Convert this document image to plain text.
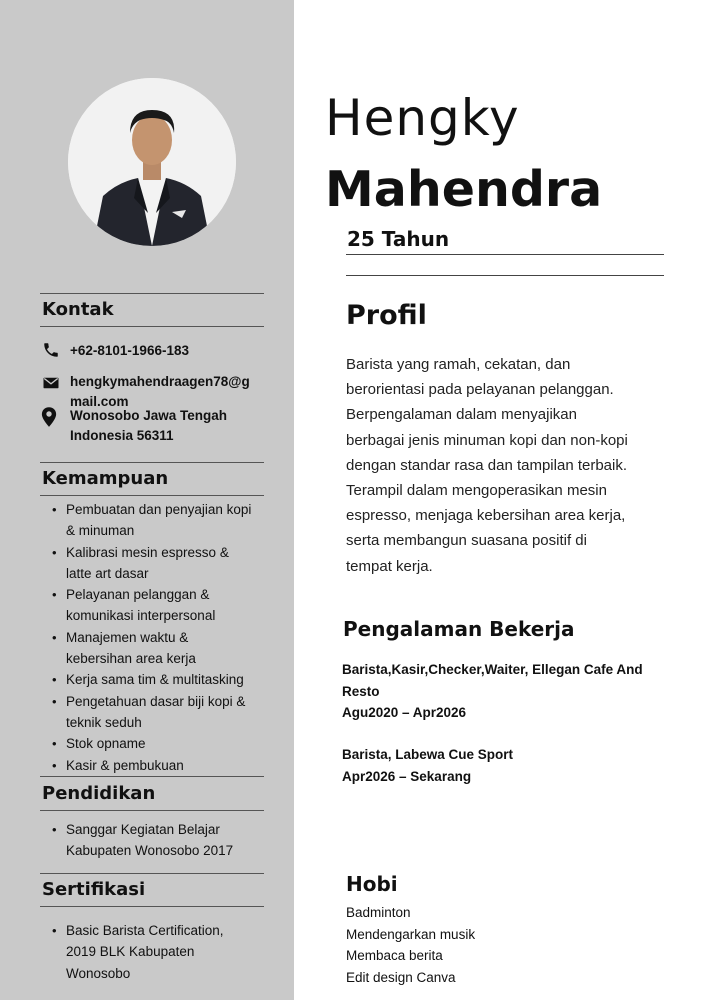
Kontak
+62-8101-1966-183
hengkymahendraagen78@g
mail.com
Wonosobo Jawa Tengah
Indonesia 56311
Kemampuan
• Pembuatan dan penyajian kopi
& minuman
• Kalibrasi mesin espresso &
latte art dasar
• Pelayanan pelanggan &
komunikasi interpersonal
• Manajemen waktu &
kebersihan area kerja
• Kerja sama tim & multitasking
• Pengetahuan dasar biji kopi &
teknik seduh
• Stok opname
• Kasir & pembukuan
Pendidikan
• Sanggar Kegiatan Belajar
Kabupaten Wonosobo 2017
Sertifikasi
• Basic Barista Certification,
2019 BLK Kabupaten
Wonosobo
Hengky
Mahendra
25 Tahun
Profil
Barista yang ramah, cekatan, dan
berorientasi pada pelayanan pelanggan.
Berpengalaman dalam menyajikan
berbagai jenis minuman kopi dan non-kopi
dengan standar rasa dan tampilan terbaik.
Terampil dalam mengoperasikan mesin
espresso, menjaga kebersihan area kerja,
serta membangun suasana positif di
tempat kerja.
Pengalaman Bekerja
Barista,Kasir,Checker,Waiter, Ellegan Cafe And
Resto
Agu2020 – Apr2026
Barista, Labewa Cue Sport
Apr2026 – Sekarang
Hobi
Badminton
Mendengarkan musik
Membaca berita
Edit design Canva
